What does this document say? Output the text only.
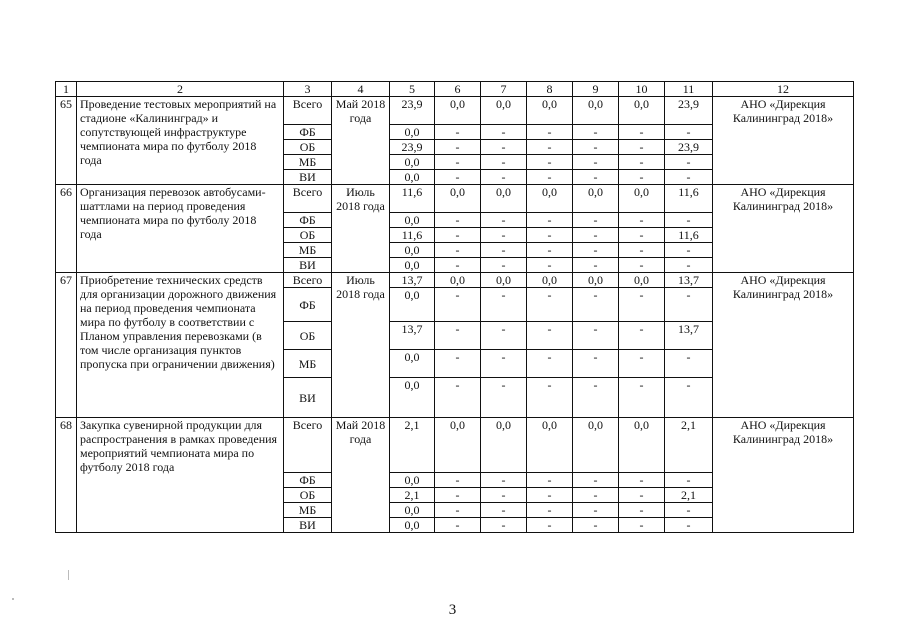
1	2	3	4	5	6	7	8	9	10	11	12
65	Проведение тестовых мероприятий на стадионе «Калининград» и сопутствующей инфраструктуре чемпионата мира по футболу 2018 года	Всего	Май 2018 года	23,9	0,0	0,0	0,0	0,0	0,0	23,9	АНО «Дирекция Калининград 2018»
		ФБ		0,0	-	-	-	-	-	-	
		ОБ		23,9	-	-	-	-	-	23,9	
		МБ		0,0	-	-	-	-	-	-	
		ВИ		0,0	-	-	-	-	-	-	
66	Организация перевозок автобусами-шаттлами на период проведения чемпионата мира по футболу 2018 года	Всего	Июль 2018 года	11,6	0,0	0,0	0,0	0,0	0,0	11,6	АНО «Дирекция Калининград 2018»
		ФБ		0,0	-	-	-	-	-	-	
		ОБ		11,6	-	-	-	-	-	11,6	
		МБ		0,0	-	-	-	-	-	-	
		ВИ		0,0	-	-	-	-	-	-	
67	Приобретение технических средств для организации дорожного движения на период проведения чемпионата мира по футболу в соответствии с Планом управления перевозками (в том числе организация пунктов пропуска при ограничении движения)	Всего	Июль 2018 года	13,7	0,0	0,0	0,0	0,0	0,0	13,7	АНО «Дирекция Калининград 2018»
		ФБ		0,0	-	-	-	-	-	-	
		ОБ		13,7	-	-	-	-	-	13,7	
		МБ		0,0	-	-	-	-	-	-	
		ВИ		0,0	-	-	-	-	-	-	
68	Закупка сувенирной продукции для распространения в рамках проведения мероприятий чемпионата мира по футболу 2018 года	Всего	Май 2018 года	2,1	0,0	0,0	0,0	0,0	0,0	2,1	АНО «Дирекция Калининград 2018»
		ФБ		0,0	-	-	-	-	-	-	
		ОБ		2,1	-	-	-	-	-	2,1	
		МБ		0,0	-	-	-	-	-	-	
		ВИ		0,0	-	-	-	-	-	-	
3
